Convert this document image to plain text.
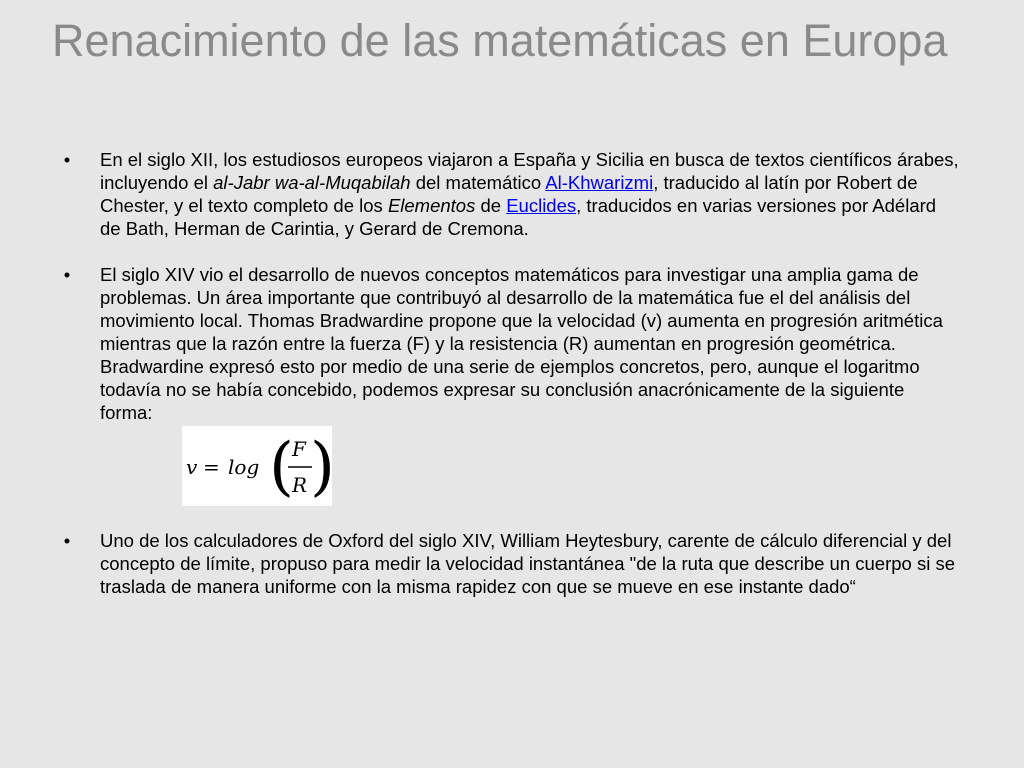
Renacimiento de las matemáticas en Europa
• En el siglo XII, los estudiosos europeos viajaron a España y Sicilia en busca de textos científicos árabes, incluyendo el al-Jabr wa-al-Muqabilah del matemático Al-Khwarizmi, traducido al latín por Robert de Chester, y el texto completo de los Elementos de Euclides, traducidos en varias versiones por Adélard de Bath, Herman de Carintia, y Gerard de Cremona.
• El siglo XIV vio el desarrollo de nuevos conceptos matemáticos para investigar una amplia gama de problemas. Un área importante que contribuyó al desarrollo de la matemática fue el del análisis del movimiento local. Thomas Bradwardine propone que la velocidad (v) aumenta en progresión aritmética mientras que la razón entre la fuerza (F) y la resistencia (R) aumentan en progresión geométrica. Bradwardine expresó esto por medio de una serie de ejemplos concretos, pero, aunque el logaritmo todavía no se había concebido, podemos expresar su conclusión anacrónicamente de la siguiente forma:
v = log (
F
R )
• Uno de los calculadores de Oxford del siglo XIV, William Heytesbury, carente de cálculo diferencial y del concepto de límite, propuso para medir la velocidad instantánea "de la ruta que describe un cuerpo si se traslada de manera uniforme con la misma rapidez con que se mueve en ese instante dado“
